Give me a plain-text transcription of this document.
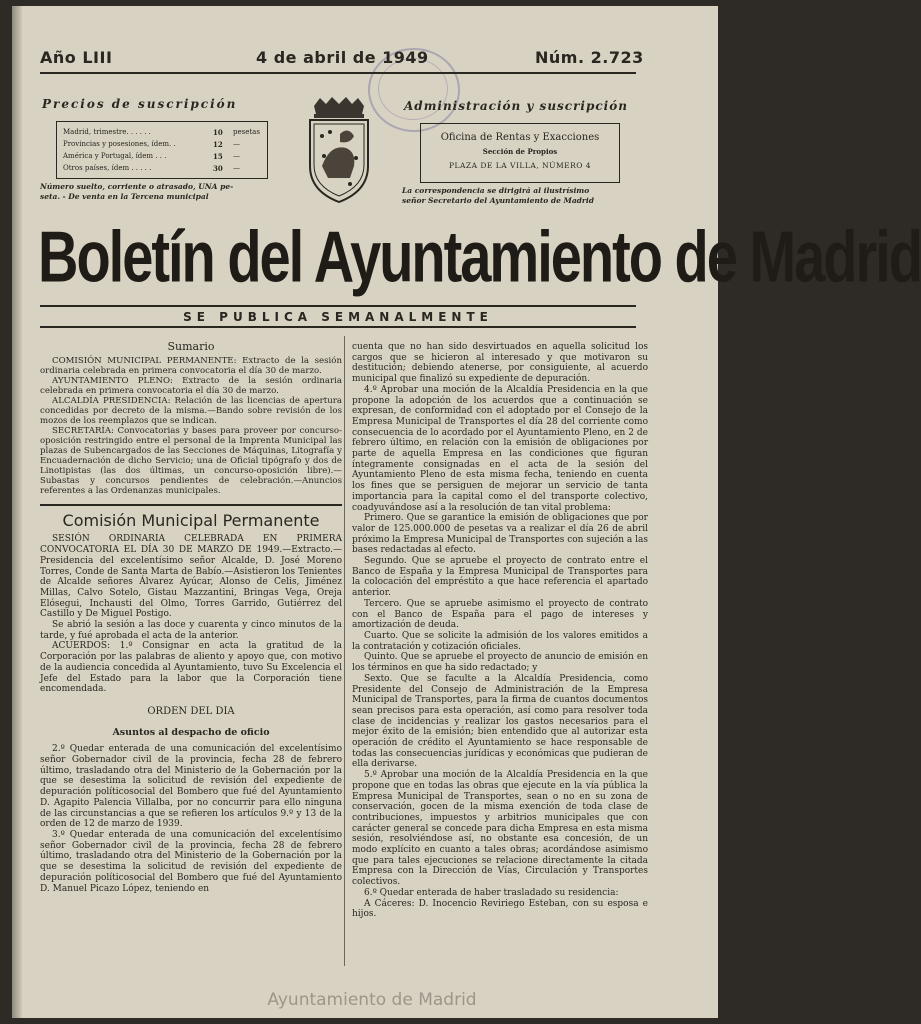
Año LIII	4 de abril de 1949	Núm. 2.723
Precios de suscripción
Madrid, trimestre. . . . . .	10 pesetas
Provincias y posesiones, ídem. .	12 —
América y Portugal, ídem . . .	15 —
Otros países, ídem . . . . .	30 —
Número suelto, corriente o atrasado, UNA pe-
seta. - De venta en la Tercena municipal
Administración y suscripción
Oficina de Rentas y Exacciones
Sección de Propios
PLAZA DE LA VILLA, NÚMERO 4
La correspondencia se dirigirá al ilustrísimo
señor Secretario del Ayuntamiento de Madrid
Boletín del Ayuntamiento de Madrid
SE PUBLICA SEMANALMENTE

Sumario

COMISIÓN MUNICIPAL PERMANENTE: Extracto de la sesión ordinaria celebrada en primera convocatoria el día 30 de marzo.

AYUNTAMIENTO PLENO: Extracto de la sesión ordinaria celebrada en primera convocatoria el día 30 de marzo.

ALCALDÍA PRESIDENCIA: Relación de las licencias de apertura concedidas por decreto de la misma.—Bando sobre revisión de los mozos de los reemplazos que se indican.

SECRETARÍA: Convocatorias y bases para proveer por concurso-oposición restringido entre el personal de la Imprenta Municipal las plazas de Subencargados de las Secciones de Máquinas, Litografía y Encuadernación de dicho Servicio; una de Oficial tipógrafo y dos de Linotipistas (las dos últimas, un concurso-oposición libre).—Subastas y concursos pendientes de celebración.—Anuncios referentes a las Ordenanzas municipales.

Comisión Municipal Permanente

SESIÓN ORDINARIA CELEBRADA EN PRIMERA CONVOCATORIA EL DÍA 30 DE MARZO DE 1949.—Extracto.—Presidencia del excelentísimo señor Alcalde, D. José Moreno Torres, Conde de Santa Marta de Babío.—Asistieron los Tenientes de Alcalde señores Álvarez Ayúcar, Alonso de Celis, Jiménez Millas, Calvo Sotelo, Gistau Mazzantini, Bringas Vega, Oreja Elósegui, Inchausti del Olmo, Torres Garrido, Gutiérrez del Castillo y De Miguel Postigo.

Se abrió la sesión a las doce y cuarenta y cinco minutos de la tarde, y fué aprobada el acta de la anterior.

ACUERDOS: 1.º Consignar en acta la gratitud de la Corporación por las palabras de aliento y apoyo que, con motivo de la audiencia concedida al Ayuntamiento, tuvo Su Excelencia el Jefe del Estado para la labor que la Corporación tiene encomendada.

ORDEN DEL DIA

Asuntos al despacho de oficio

2.º Quedar enterada de una comunicación del excelentísimo señor Gobernador civil de la provincia, fecha 28 de febrero último, trasladando otra del Ministerio de la Gobernación por la que se desestima la solicitud de revisión del expediente de depuración políticosocial del Bombero que fué del Ayuntamiento D. Agapito Palencia Villalba, por no concurrir para ello ninguna de las circunstancias a que se refieren los artículos 9.º y 13 de la orden de 12 de marzo de 1939.

3.º Quedar enterada de una comunicación del excelentísimo señor Gobernador civil de la provincia, fecha 28 de febrero último, trasladando otra del Ministerio de la Gobernación por la que se desestima la solicitud de revisión del expediente de depuración políticosocial del Bombero que fué del Ayuntamiento D. Manuel Picazo López, teniendo en

cuenta que no han sido desvirtuados en aquella solicitud los cargos que se hicieron al interesado y que motivaron su destitución; debiendo atenerse, por consiguiente, al acuerdo municipal que finalizó su expediente de depuración.

4.º Aprobar una moción de la Alcaldía Presidencia en la que propone la adopción de los acuerdos que a continuación se expresan, de conformidad con el adoptado por el Consejo de la Empresa Municipal de Transportes el día 28 del corriente como consecuencia de lo acordado por el Ayuntamiento Pleno, en 2 de febrero último, en relación con la emisión de obligaciones por parte de aquella Empresa en las condiciones que figuran íntegramente consignadas en el acta de la sesión del Ayuntamiento Pleno de esta misma fecha, teniendo en cuenta los fines que se persiguen de mejorar un servicio de tanta importancia para la capital como el del transporte colectivo, coadyuvándose así a la resolución de tan vital problema:

Primero. Que se garantice la emisión de obligaciones que por valor de 125.000.000 de pesetas va a realizar el día 26 de abril próximo la Empresa Municipal de Transportes con sujeción a las bases redactadas al efecto.

Segundo. Que se apruebe el proyecto de contrato entre el Banco de España y la Empresa Municipal de Transportes para la colocación del empréstito a que hace referencia el apartado anterior.

Tercero. Que se apruebe asimismo el proyecto de contrato con el Banco de España para el pago de intereses y amortización de deuda.

Cuarto. Que se solicite la admisión de los valores emitidos a la contratación y cotización oficiales.

Quinto. Que se apruebe el proyecto de anuncio de emisión en los términos en que ha sido redactado; y

Sexto. Que se faculte a la Alcaldía Presidencia, como Presidente del Consejo de Administración de la Empresa Municipal de Transportes, para la firma de cuantos documentos sean precisos para esta operación, así como para resolver toda clase de incidencias y realizar los gastos necesarios para el mejor éxito de la emisión; bien entendido que al autorizar esta operación de crédito el Ayuntamiento se hace responsable de todas las consecuencias jurídicas y económicas que pudieran de ella derivarse.

5.º Aprobar una moción de la Alcaldía Presidencia en la que propone que en todas las obras que ejecute en la vía pública la Empresa Municipal de Transportes, sean o no en su zona de conservación, gocen de la misma exención de toda clase de contribuciones, impuestos y arbitrios municipales que con carácter general se concede para dicha Empresa en esta misma sesión, resolviéndose así, no obstante esa concesión, de un modo explícito en cuanto a tales obras; acordándose asimismo que para tales ejecuciones se relacione directamente la citada Empresa con la Dirección de Vías, Circulación y Transportes colectivos.

6.º Quedar enterada de haber trasladado su residencia:

A Cáceres: D. Inocencio Reviriego Esteban, con su esposa e hijos.

Ayuntamiento de Madrid
